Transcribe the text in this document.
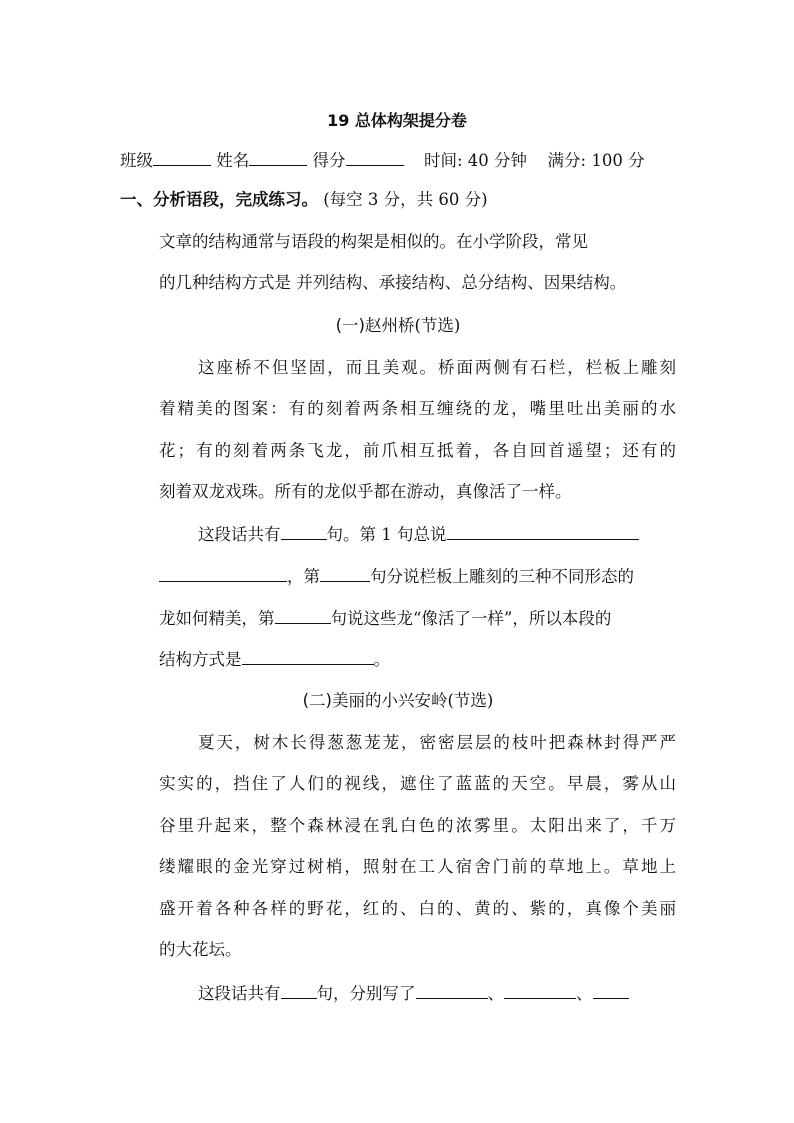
19 总体构架提分卷
班级	姓名	得分	时间: 40 分钟 满分: 100 分
一、分析语段，完成练习。 (每空 3 分，共 60 分)
文章的结构通常与语段的构架是相似的。在小学阶段，常见
的几种结构方式是 并列结构、承接结构、总分结构、因果结构。
(一)赵州桥(节选)
这座桥不但坚固，而且美观。桥面两侧有石栏，栏板上雕刻
着精美的图案：有的刻着两条相互缠绕的龙，嘴里吐出美丽的水
花；有的刻着两条飞龙，前爪相互抵着，各自回首遥望；还有的
刻着双龙戏珠。所有的龙似乎都在游动，真像活了一样。
这段话共有	句。第 1 句总说
，第	句分说栏板上雕刻的三种不同形态的
龙如何精美，第	句说这些龙“像活了一样”，所以本段的
结构方式是	。
(二)美丽的小兴安岭(节选)
夏天，树木长得葱葱茏茏，密密层层的枝叶把森林封得严严
实实的，挡住了人们的视线，遮住了蓝蓝的天空。早晨，雾从山
谷里升起来，整个森林浸在乳白色的浓雾里。太阳出来了，千万
缕耀眼的金光穿过树梢，照射在工人宿舍门前的草地上。草地上
盛开着各种各样的野花，红的、白的、黄的、紫的，真像个美丽
的大花坛。
这段话共有 句，分别写了	、	、
